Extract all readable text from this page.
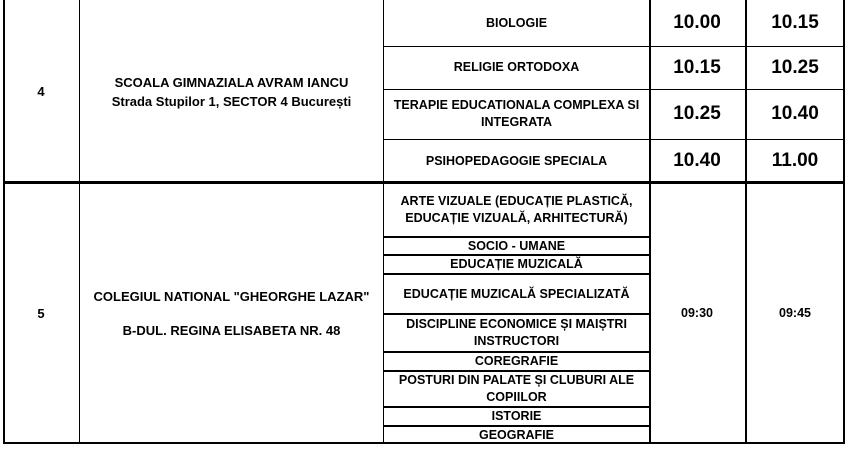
4
SCOALA GIMNAZIALA AVRAM IANCU
Strada Stupilor 1, SECTOR 4 București
BIOLOGIE	10.00	10.15
RELIGIE ORTODOXA	10.15	10.25
TERAPIE EDUCATIONALA COMPLEXA SI INTEGRATA	10.25	10.40
PSIHOPEDAGOGIE SPECIALA	10.40	11.00
5
COLEGIUL NATIONAL "GHEORGHE LAZAR"
B-DUL. REGINA ELISABETA NR. 48
ARTE VIZUALE (EDUCAȚIE PLASTICĂ, EDUCAȚIE VIZUALĂ, ARHITECTURĂ)
SOCIO - UMANE
EDUCAȚIE MUZICALĂ
EDUCAȚIE MUZICALĂ SPECIALIZATĂ
DISCIPLINE ECONOMICE ȘI MAIȘTRI INSTRUCTORI
COREGRAFIE
POSTURI DIN PALATE ȘI CLUBURI ALE COPIILOR
ISTORIE
GEOGRAFIE
09:30	09:45
